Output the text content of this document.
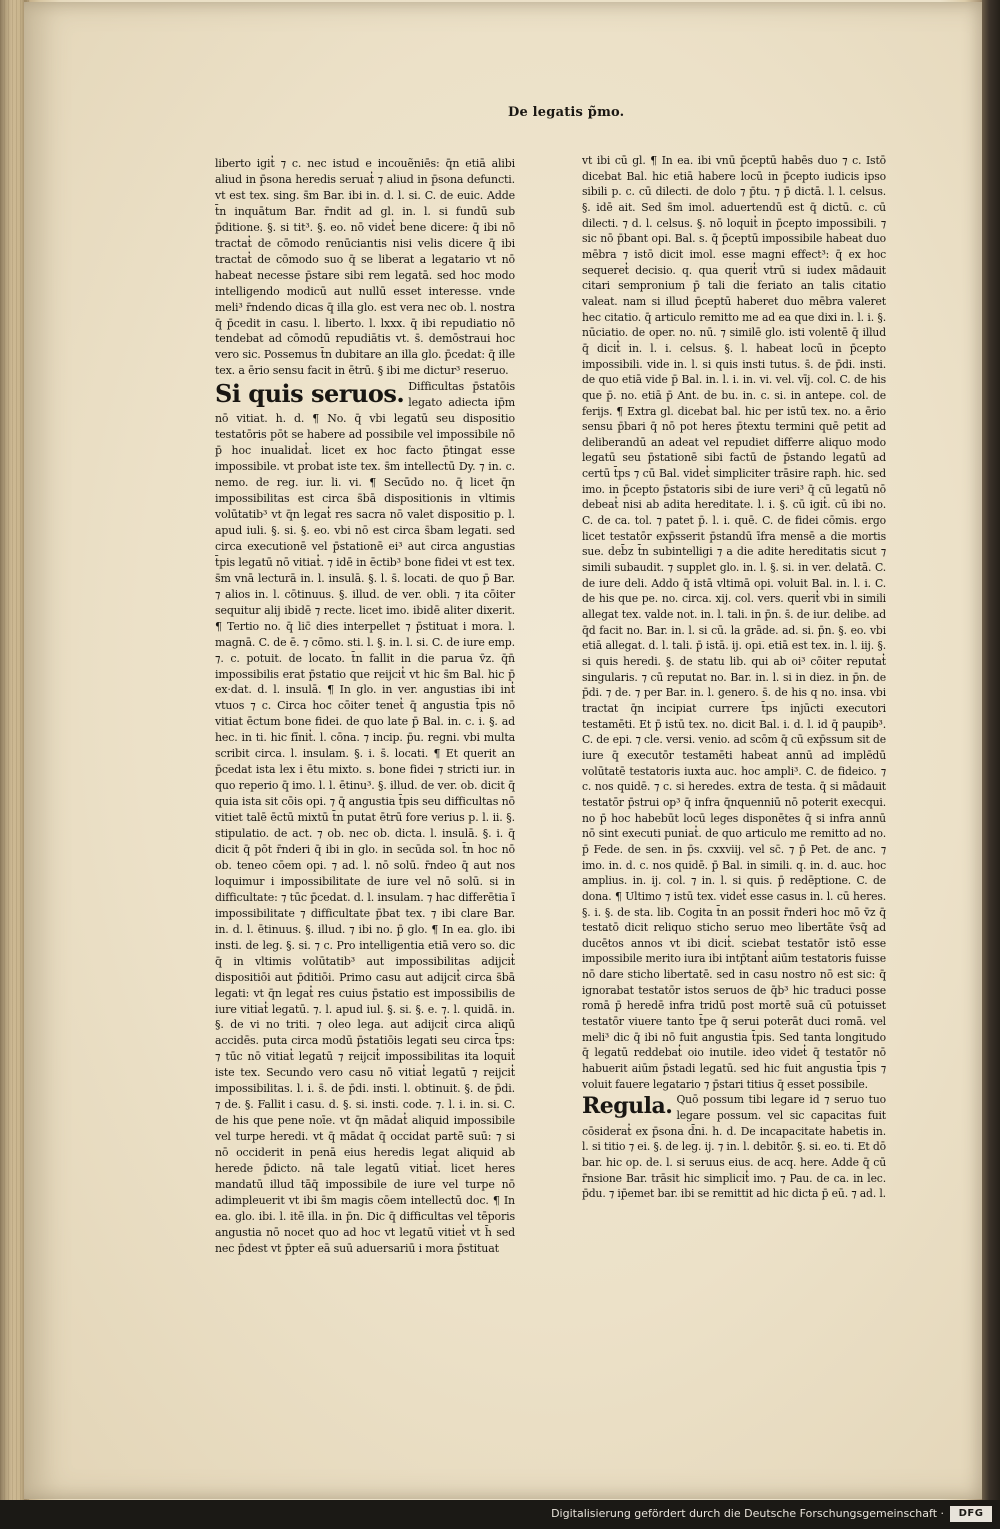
De legatis p̃mo.

liberto igit̓ ⁊ c. nec istud e incouẽniēs: q̄n etiā alibi aliud in p̄sona heredis seruat̓ ⁊ aliud in p̄sona defuncti. vt est tex. sing. s̄m Bar. ibi in. d. l. si. C. de euic. Adde t̄n inquātum Bar. r̄ndit ad gl. in. l. si fundū sub p̄ditione. §. si tit³. §. eo. nō videt̓ bene dicere: q̄ ibi nō tractat̓ de cōmodo renūciantis nisi velis dicere q̄ ibi tractat̓ de cōmodo suo q̄ se liberat a legatario vt nō habeat necesse p̄stare sibi rem legatā. sed hoc modo intelligendo modicū aut nullū esset interesse. vnde meli³ r̄ndendo dicas q̄ illa glo. est vera nec ob. l. nostra q̄ p̄cedit in casu. l. liberto. l. lxxx. q̄ ibi repudiatio nō tendebat ad cōmodū repudiātis vt. s̄. demōstraui hoc vero sic. Possemus t̄n dubitare an illa glo. p̄cedat: q̄ ille tex. a ērio sensu facit in ētrū. § ibi me dictur³ reseruo.

Si quis seruos. Difficultas p̄statōis legato adiecta ip̄m nō vitiat. h. d. ¶ No. q̄ vbi legatū seu dispositio testatōris pōt se habere ad possibile vel impossibile nō p̄ hoc inualidat̓. licet ex hoc facto p̄tingat esse impossibile. vt probat iste tex. s̄m intellectū Dy. ⁊ in. c. nemo. de reg. iur. li. vi. ¶ Secūdo no. q̄ licet q̄n impossibilitas est circa s̄bā dispositionis in vltimis volūtatib³ vt q̄n legat̓ res sacra nō valet dispositio p. l. apud iuli. §. si. §. eo. vbi nō est circa s̄bam legati. sed circa executionē vel p̄stationē ei³ aut circa angustias t̄pis legatū nō vitiat̓. ⁊ idē in ēctib³ bone fidei vt est tex. s̄m vnā lecturā in. l. insulā. §. l. s̄. locati. de quo p̄ Bar. ⁊ alios in. l. cōtinuus. §. illud. de ver. obli. ⁊ ita cōiter sequitur alij ibidē ⁊ recte. licet imo. ibidē aliter dixerit. ¶ Tertio no. q̄ lic̄ dies interpellet ⁊ p̄stituat i mora. l. magnā. C. de ē. ⁊ cōmo. sti. l. §. in. l. si. C. de iure emp. ⁊. c. potuit. de locato. t̄n fallit in die parua v̄z. q̄n̄ impossibilis erat p̄statio que reijcit̓ vt hic s̄m Bal. hic p̄ ex·dat. d. l. insulā. ¶ In glo. in ver. angustias ibi int̓ vtuos ⁊ c. Circa hoc cōiter tenet̓ q̄ angustia t̄pis nō vitiat ēctum bone fidei. de quo late p̄ Bal. in. c. i. §. ad hec. in ti. hic fīnit̓. l. cōna. ⁊ incip. p̄u. regni. vbi multa scribit circa. l. insulam. §. i. s̄. locati. ¶ Et querit an p̄cedat ista lex i ētu mixto. s. bone fidei ⁊ stricti iur. in quo reperio q̄ imo. l. l. ētinu³. §. illud. de ver. ob. dicit q̄ quia ista sit cōis opi. ⁊ q̄ angustia t̄pis seu difficultas nō vitiet talē ēctū mixtū t̄n putat ētrū fore verius p. l. ii. §. stipulatio. de act. ⁊ ob. nec ob. dicta. l. insulā. §. i. q̄ dicit q̄ pōt r̄nderi q̄ ibi in glo. in secūda sol. t̄n hoc nō ob. teneo cōem opi. ⁊ ad. l. nō solū. r̄ndeo q̄ aut nos loquimur i impossibilitate de iure vel nō solū. si in difficultate: ⁊ tūc p̄cedat. d. l. insulam. ⁊ hac differētia ī impossibilitate ⁊ difficultate p̄bat tex. ⁊ ibi clare Bar. in. d. l. ētinuus. §. illud. ⁊ ibi no. p̄ glo. ¶ In ea. glo. ibi insti. de leg. §. si. ⁊ c. Pro intelligentia etiā vero so. dic q̄ in vltimis volūtatib³ aut impossibilitas adijcit̓ dispositiōi aut p̄ditiōi. Primo casu aut adijcit̓ circa s̄bā legati: vt q̄n legat̓ res cuius p̄statio est impossibilis de iure vitiat̓ legatū. ⁊. l. apud iul. §. si. §. e. ⁊. l. quidā. in. §. de vi no triti. ⁊ oleo lega. aut adijcit̓ circa aliqū accidēs. puta circa modū p̄statiōis legati seu circa t̄ps: ⁊ tūc nō vitiat̓ legatū ⁊ reijcit̓ impossibilitas ita loquit̓ iste tex. Secundo vero casu nō vitiat̓ legatū ⁊ reijcit̓ impossibilitas. l. i. s̄. de p̄di. insti. l. obtinuit. §. de p̄di. ⁊ de. §. Fallit i casu. d. §. si. insti. code. ⁊. l. i. in. si. C. de his que pene noīe. vt q̄n mādat̓ aliquid impossibile vel turpe heredi. vt q̄ mādat q̄ occidat partē suū: ⁊ si nō occiderit in penā eius heredis legat aliquid ab herede p̄dicto. nā tale legatū vitiat̓. licet heres mandatū illud tāq̄ impossibile de iure vel turpe nō adimpleuerit vt ibi s̄m magis cōem intellectū doc. ¶ In ea. glo. ibi. l. itē illa. in p̄n. Dic q̄ difficultas vel tēporis angustia nō nocet quo ad hoc vt legatū vitiet̓ vt h̄ sed nec p̄dest vt p̄pter eā suū aduersariū i mora p̄stituat

vt ibi cū gl. ¶ In ea. ibi vnū p̄ceptū habēs duo ⁊ c. Istō dicebat Bal. hic etiā habere locū in p̄cepto iudicis ipso sibili p. c. cū dilecti. de dolo ⁊ p̄tu. ⁊ p̄ dictā. l. l. celsus. §. idē ait. Sed s̄m imol. aduertendū est q̄ dictū. c. cū dilecti. ⁊ d. l. celsus. §. nō loquit̓ in p̄cepto impossibili. ⁊ sic nō p̄bant opi. Bal. s. q̄ p̄ceptū impossibile habeat duo mēbra ⁊ istō dicit imol. esse magni effect³: q̄ ex hoc sequeret̓ decisio. q. qua querit̓ vtrū si iudex mādauit citari sempronium p̄ tali die feriato an talis citatio valeat. nam si illud p̄ceptū haberet duo mēbra valeret hec citatio. q̄ articulo remitto me ad ea que dixi in. l. i. §. nūciatio. de oper. no. nū. ⁊ similē glo. isti volentē q̄ illud q̄ dicit̓ in. l. i. celsus. §. l. habeat locū in p̄cepto impossibili. vide in. l. si quis insti tutus. s̄. de p̄di. insti. de quo etiā vide p̄ Bal. in. l. i. in. vi. vel. vīj. col. C. de his que p̄. no. etiā p̄ Ant. de bu. in. c. si. in antepe. col. de ferijs. ¶ Extra gl. dicebat bal. hic per istū tex. no. a ērio sensu p̄bari q̄ nō pot heres p̄textu termini quē petit ad deliberandū an adeat vel repudiet differre aliquo modo legatū seu p̄stationē sibi factū de p̄stando legatū ad certū t̄ps ⁊ cū Bal. videt̓ simpliciter trāsire raph. hic. sed imo. in p̄cepto p̄statoris sibi de iure veri³ q̄ cū legatū nō debeat̓ nisi ab adita hereditate. l. i. §. cū igit̓. cū ibi no. C. de ca. tol. ⁊ patet p̄. l. i. quē. C. de fidei cōmis. ergo licet testatōr exp̄sserit p̄standū īfra mensē a die mortis sue. deb̄z t̄n subintelligi ⁊ a die adite hereditatis sicut ⁊ simili subaudit. ⁊ supplet glo. in. l. §. si. in ver. delatā. C. de iure deli. Addo q̄ istā vltimā opi. voluit Bal. in. l. i. C. de his que pe. no. circa. xij. col. vers. querit̓ vbi in simili allegat tex. valde not. in. l. tali. in p̄n. s̄. de iur. delibe. ad q̄d facit no. Bar. in. l. si cū. la grāde. ad. si. p̄n. §. eo. vbi etiā allegat. d. l. tali. p̄ istā. ij. opi. etiā est tex. in. l. iij. §. si quis heredi. §. de statu lib. qui ab oi³ cōiter reputat̓ singularis. ⁊ cū reputat no. Bar. in. l. si in diez. in p̄n. de p̄di. ⁊ de. ⁊ per Bar. in. l. genero. s̄. de his q no. insa. vbi tractat q̄n incipiat currere t̄ps injūcti executori testamēti. Et p̄ istū tex. no. dicit Bal. i. d. l. id q̄ paupib³. C. de epi. ⁊ cle. versi. venio. ad scōm q̄ cū exp̄ssum sit de iure q̄ executōr testamēti habeat annū ad implēdū volūtatē testatoris iuxta auc. hoc ampli³. C. de fideico. ⁊ c. nos quidē. ⁊ c. si heredes. extra de testa. q̄ si mādauit testatōr p̄strui op³ q̄ infra q̄nquenniū nō poterit execqui. no p̄ hoc habebūt locū leges disponētes q̄ si infra annū nō sint executi puniat̓. de quo articulo me remitto ad no. p̄ Fede. de sen. in p̄s. cxxviij. vel sc̄. ⁊ p̄ Pet. de anc. ⁊ imo. in. d. c. nos quidē. p̄ Bal. in simili. q. in. d. auc. hoc amplius. in. ij. col. ⁊ in. l. si quis. p̄ redēptione. C. de dona. ¶ Ultimo ⁊ istū tex. videt̓ esse casus in. l. cū heres. §. i. §. de sta. lib. Cogita t̄n an possit r̄nderi hoc mō v̄z q̄ testatō dicit reliquo sticho seruo meo libertāte v̄sq̄ ad ducētos annos vt ibi dicit̓. sciebat testatōr istō esse impossibile merito iura ibi intp̄tant̓ aiūm testatoris fuisse nō dare sticho libertatē. sed in casu nostro nō est sic: q̄ ignorabat testatōr istos seruos de q̄b³ hic traduci posse romā p̄ heredē infra tridū post mortē suā cū potuisset testatōr viuere tanto t̄pe q̄ serui poterāt duci romā. vel meli³ dic q̄ ibi nō fuit angustia t̄pis. Sed tanta longitudo q̄ legatū reddebat̓ oio inutile. ideo videt̓ q̄ testatōr nō habuerit aiūm p̄stadi legatū. sed hic fuit angustia t̄pis ⁊ voluit fauere legatario ⁊ p̄stari titius q̄ esset possibile.

Regula. Quō possum tibi legare id ⁊ seruo tuo legare possum. vel sic capacitas fuit cōsiderat̓ ex p̄sona d̄ni. h. d. De incapacitate habetis in. l. si titio ⁊ ei. §. de leg. ij. ⁊ in. l. debitōr. §. si. eo. ti. Et dō bar. hic op. de. l. si seruus eius. de acq. here. Adde q̄ cū r̄nsione Bar. trāsit hic simplicit̓ imo. ⁊ Pau. de ca. in lec. p̄du. ⁊ ip̄emet bar. ibi se remittit ad hic dicta p̄ eū. ⁊ ad. l.

Digitalisierung gefördert durch die Deutsche Forschungsgemeinschaft ·	DFG
